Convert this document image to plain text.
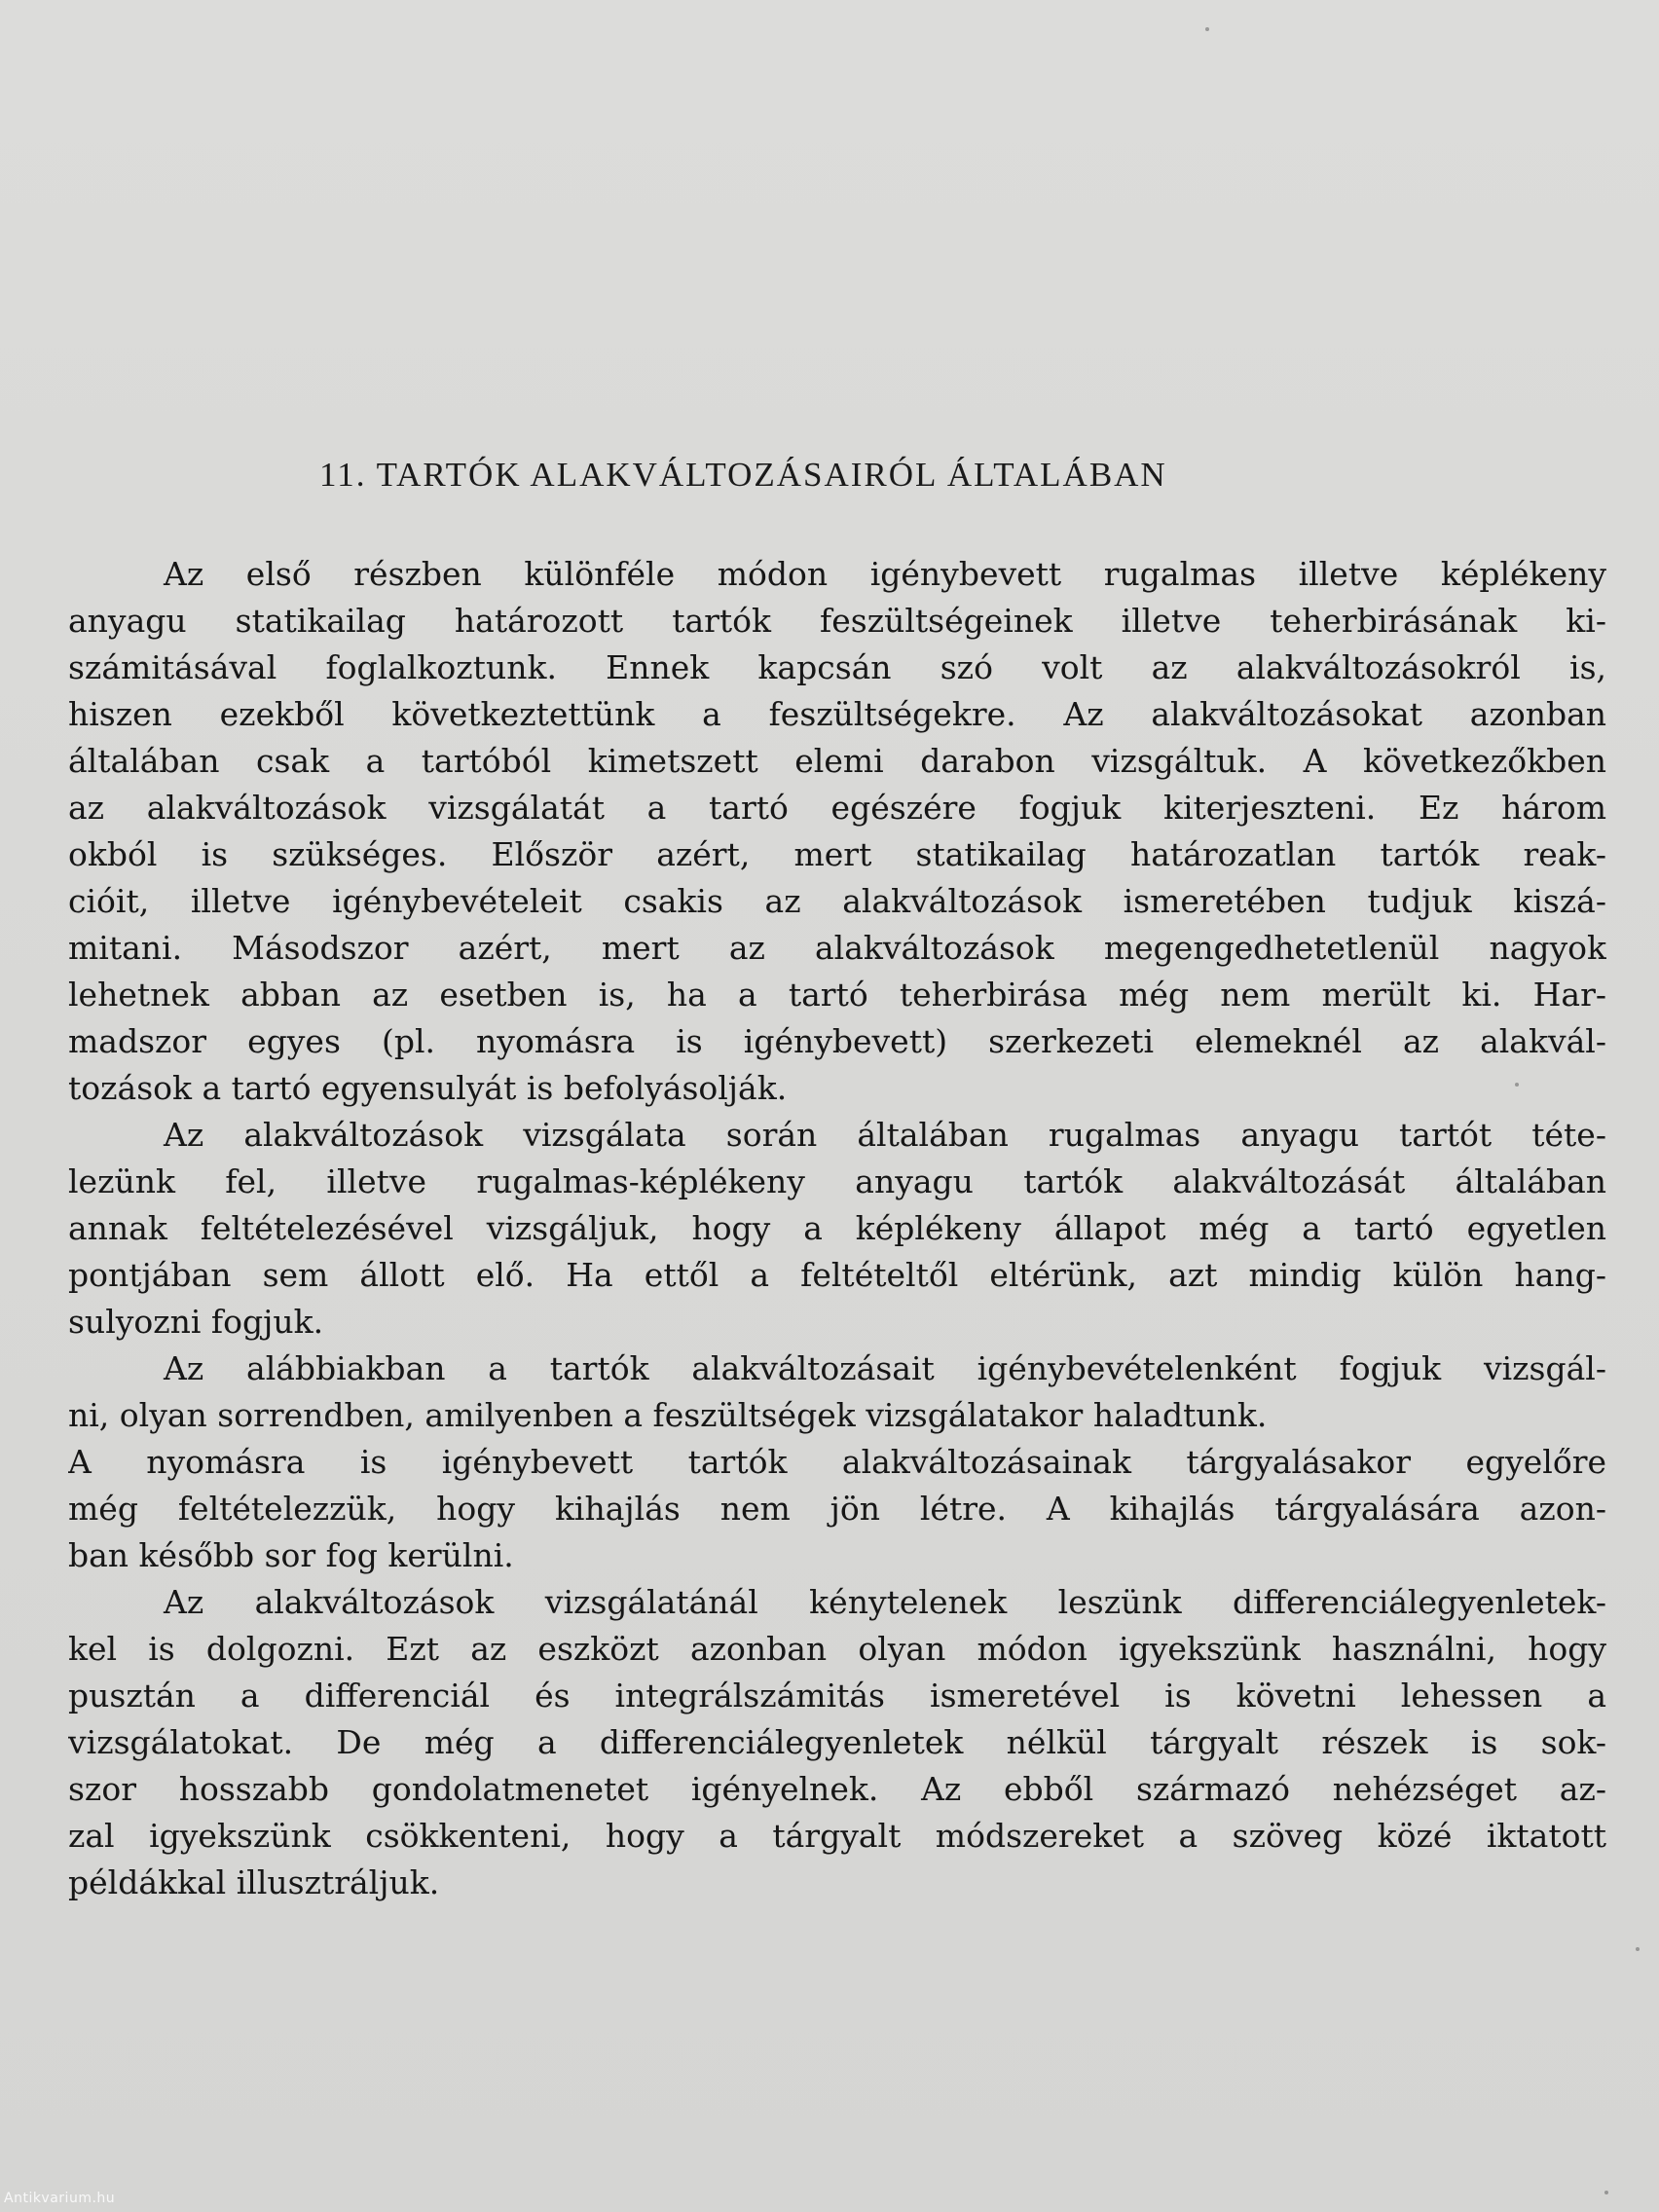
11. TARTÓK ALAKVÁLTOZÁSAIRÓL ÁLTALÁBAN
Az első részben különféle módon igénybevett rugalmas illetve képlékeny
anyagu statikailag határozott tartók feszültségeinek illetve teherbirásának ki-
számitásával foglalkoztunk. Ennek kapcsán szó volt az alakváltozásokról is,
hiszen ezekből következtettünk a feszültségekre. Az alakváltozásokat azonban
általában csak a tartóból kimetszett elemi darabon vizsgáltuk. A következőkben
az alakváltozások vizsgálatát a tartó egészére fogjuk kiterjeszteni. Ez három
okból is szükséges. Először azért, mert statikailag határozatlan tartók reak-
cióit, illetve igénybevételeit csakis az alakváltozások ismeretében tudjuk kiszá-
mitani. Másodszor azért, mert az alakváltozások megengedhetetlenül nagyok
lehetnek abban az esetben is, ha a tartó teherbirása még nem merült ki. Har-
madszor egyes (pl. nyomásra is igénybevett) szerkezeti elemeknél az alakvál-
tozások a tartó egyensulyát is befolyásolják.
Az alakváltozások vizsgálata során általában rugalmas anyagu tartót téte-
lezünk fel, illetve rugalmas-képlékeny anyagu tartók alakváltozását általában
annak feltételezésével vizsgáljuk, hogy a képlékeny állapot még a tartó egyetlen
pontjában sem állott elő. Ha ettől a feltételtől eltérünk, azt mindig külön hang-
sulyozni fogjuk.
Az alábbiakban a tartók alakváltozásait igénybevételenként fogjuk vizsgál-
ni, olyan sorrendben, amilyenben a feszültségek vizsgálatakor haladtunk.
A nyomásra is igénybevett tartók alakváltozásainak tárgyalásakor egyelőre
még feltételezzük, hogy kihajlás nem jön létre. A kihajlás tárgyalására azon-
ban később sor fog kerülni.
Az alakváltozások vizsgálatánál kénytelenek leszünk differenciálegyenletek-
kel is dolgozni. Ezt az eszközt azonban olyan módon igyekszünk használni, hogy
pusztán a differenciál és integrálszámitás ismeretével is követni lehessen a
vizsgálatokat. De még a differenciálegyenletek nélkül tárgyalt részek is sok-
szor hosszabb gondolatmenetet igényelnek. Az ebből származó nehézséget az-
zal igyekszünk csökkenteni, hogy a tárgyalt módszereket a szöveg közé iktatott
példákkal illusztráljuk.
Antikvarium.hu
